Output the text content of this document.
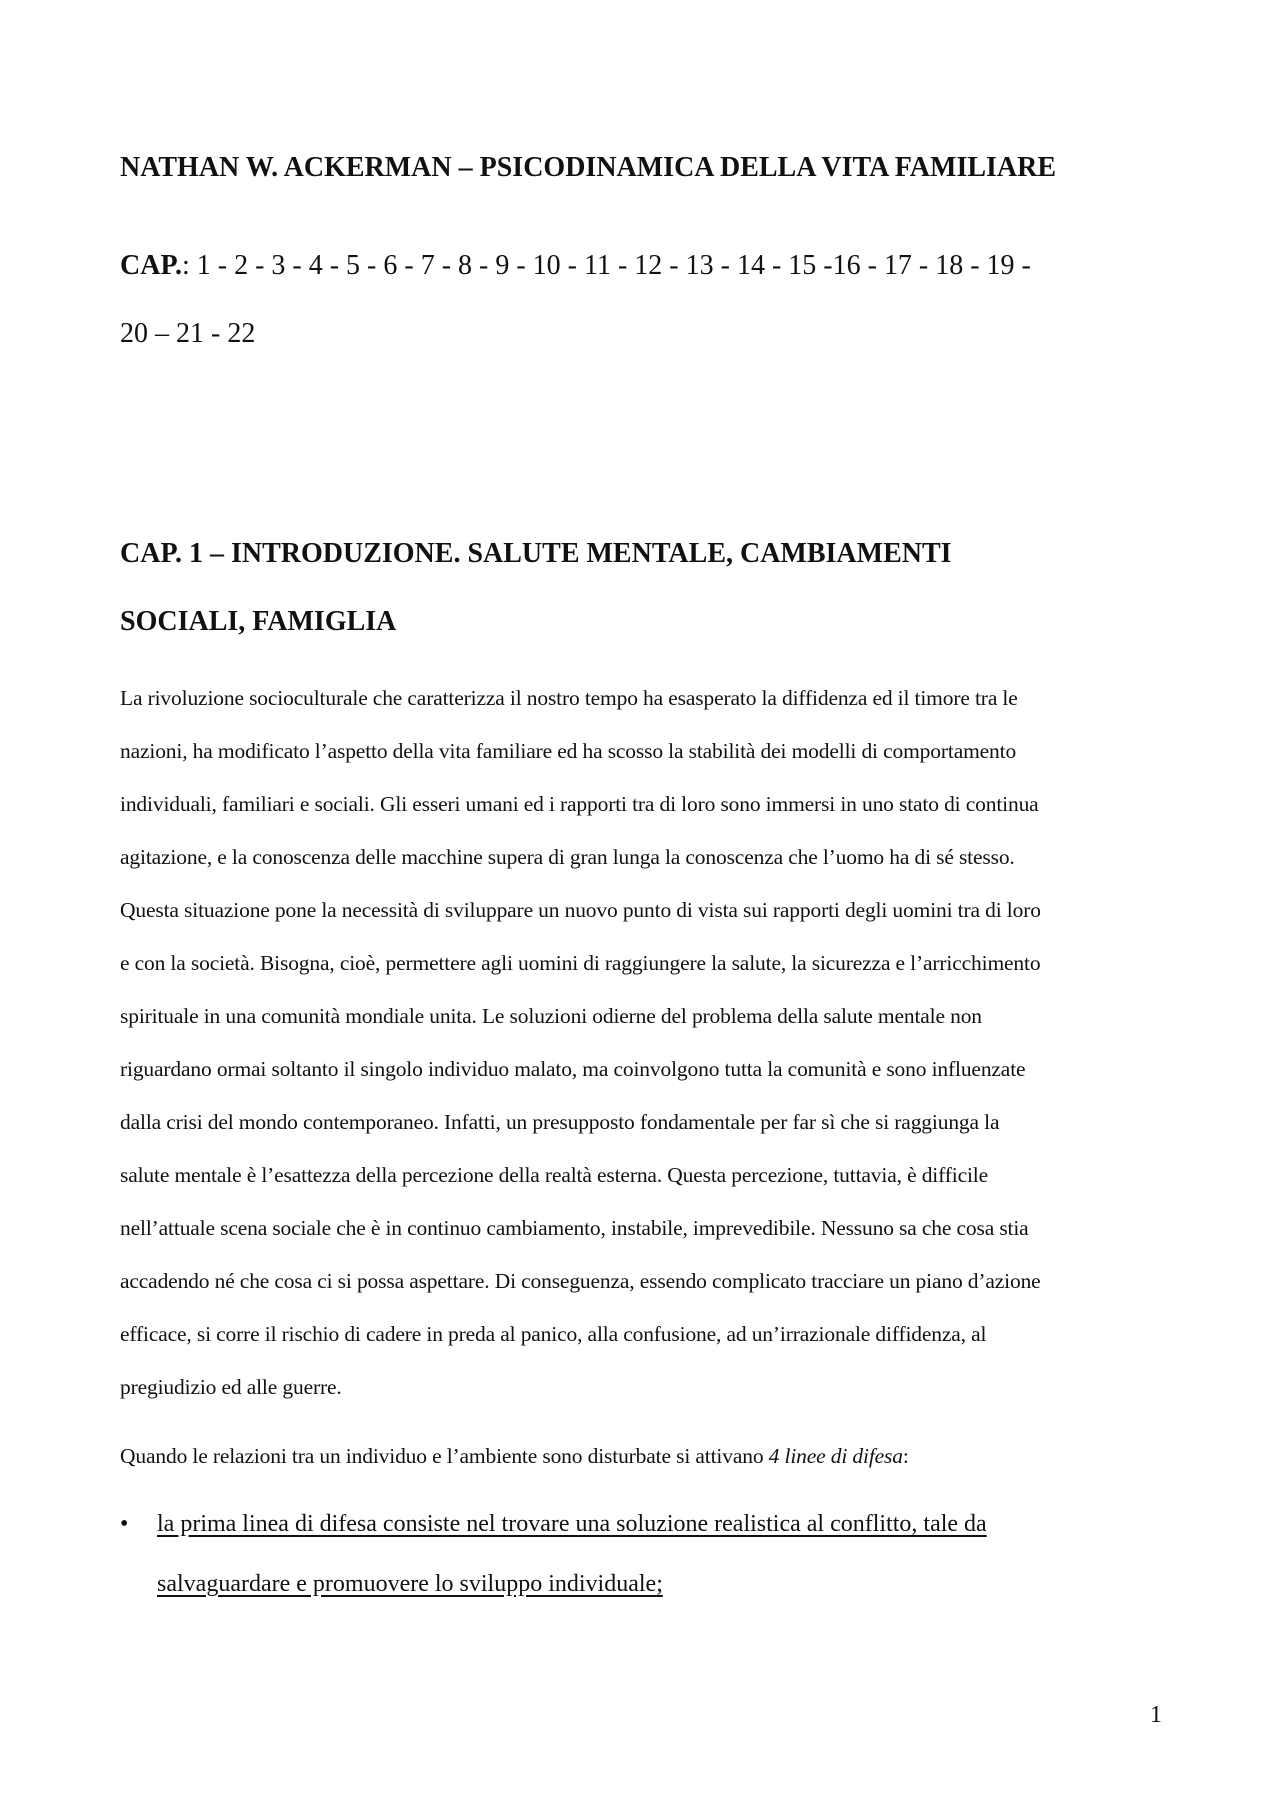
NATHAN W. ACKERMAN – PSICODINAMICA DELLA VITA FAMILIARE

CAP.: 1 - 2 - 3 - 4 - 5 - 6 - 7 - 8 - 9 - 10 - 11 - 12 - 13 - 14 - 15 -16 - 17 - 18 - 19 -
20 – 21 - 22

CAP. 1 – INTRODUZIONE. SALUTE MENTALE, CAMBIAMENTI
SOCIALI, FAMIGLIA

La rivoluzione socioculturale che caratterizza il nostro tempo ha esasperato la diffidenza ed il timore tra le
nazioni, ha modificato l’aspetto della vita familiare ed ha scosso la stabilità dei modelli di comportamento
individuali, familiari e sociali. Gli esseri umani ed i rapporti tra di loro sono immersi in uno stato di continua
agitazione, e la conoscenza delle macchine supera di gran lunga la conoscenza che l’uomo ha di sé stesso.
Questa situazione pone la necessità di sviluppare un nuovo punto di vista sui rapporti degli uomini tra di loro
e con la società. Bisogna, cioè, permettere agli uomini di raggiungere la salute, la sicurezza e l’arricchimento
spirituale in una comunità mondiale unita. Le soluzioni odierne del problema della salute mentale non
riguardano ormai soltanto il singolo individuo malato, ma coinvolgono tutta la comunità e sono influenzate
dalla crisi del mondo contemporaneo. Infatti, un presupposto fondamentale per far sì che si raggiunga la
salute mentale è l’esattezza della percezione della realtà esterna. Questa percezione, tuttavia, è difficile
nell’attuale scena sociale che è in continuo cambiamento, instabile, imprevedibile. Nessuno sa che cosa stia
accadendo né che cosa ci si possa aspettare. Di conseguenza, essendo complicato tracciare un piano d’azione
efficace, si corre il rischio di cadere in preda al panico, alla confusione, ad un’irrazionale diffidenza, al
pregiudizio ed alle guerre.

Quando le relazioni tra un individuo e l’ambiente sono disturbate si attivano 4 linee di difesa:

• la prima linea di difesa consiste nel trovare una soluzione realistica al conflitto, tale da
salvaguardare e promuovere lo sviluppo individuale;
1
